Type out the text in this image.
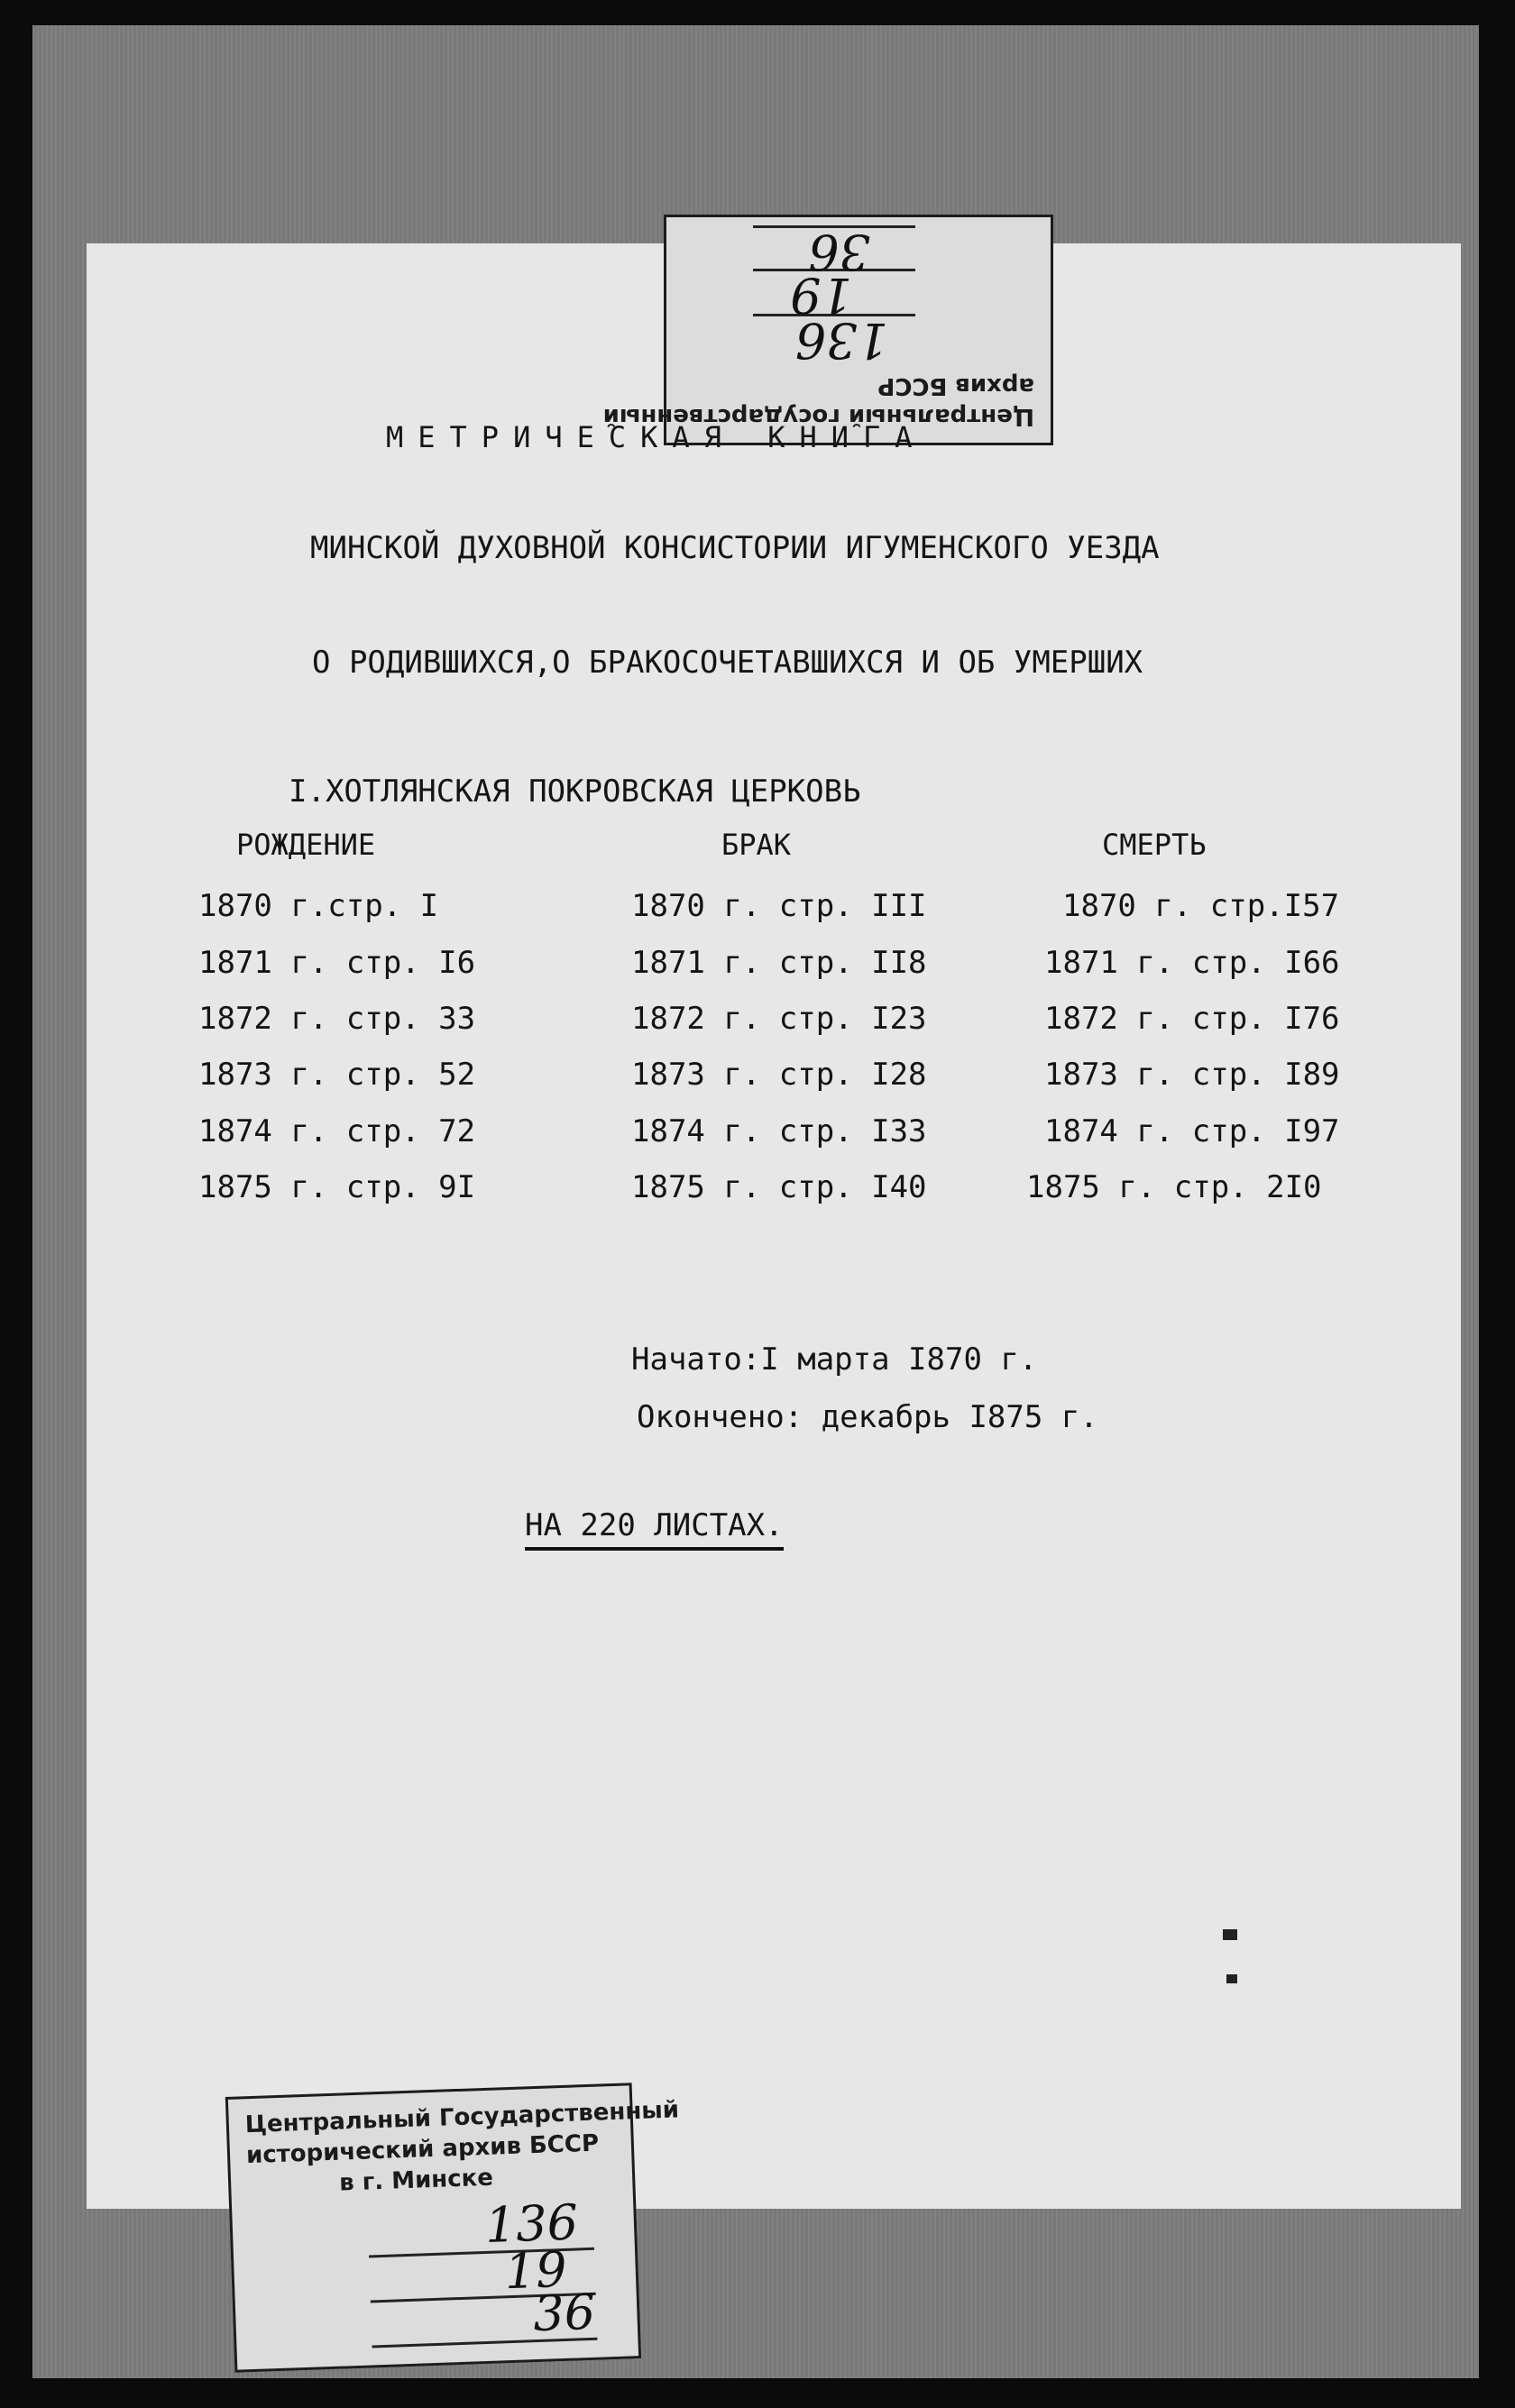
Центральный государственный
архив БССР
136
19
36
МЕТРИЧЕСКАЯ КНИГА
МИНСКОЙ ДУХОВНОЙ КОНСИСТОРИИ ИГУМЕНСКОГО УЕЗДА
О РОДИВШИХСЯ,О БРАКОСОЧЕТАВШИХСЯ И ОБ УМЕРШИХ
I.ХОТЛЯНСКАЯ ПОКРОВСКАЯ ЦЕРКОВЬ
РОЖДЕНИЕ	БРАК	СМЕРТЬ
1870 г.стр. I
1871 г. стр. I6
1872 г. стр. 33
1873 г. стр. 52
1874 г. стр. 72
1875 г. стр. 9I
1870 г. стр. III
1871 г. стр. II8
1872 г. стр. I23
1873 г. стр. I28
1874 г. стр. I33
1875 г. стр. I40
1870 г. стр.I57
1871 г. стр. I66
1872 г. стр. I76
1873 г. стр. I89
1874 г. стр. I97
1875 г. стр. 2I0
Начато:I марта I870 г.
Окончено: декабрь I875 г.
НА 220 ЛИСТАХ.
Центральный Государственный
исторический архив БССР
в г. Минске
136
19
36
